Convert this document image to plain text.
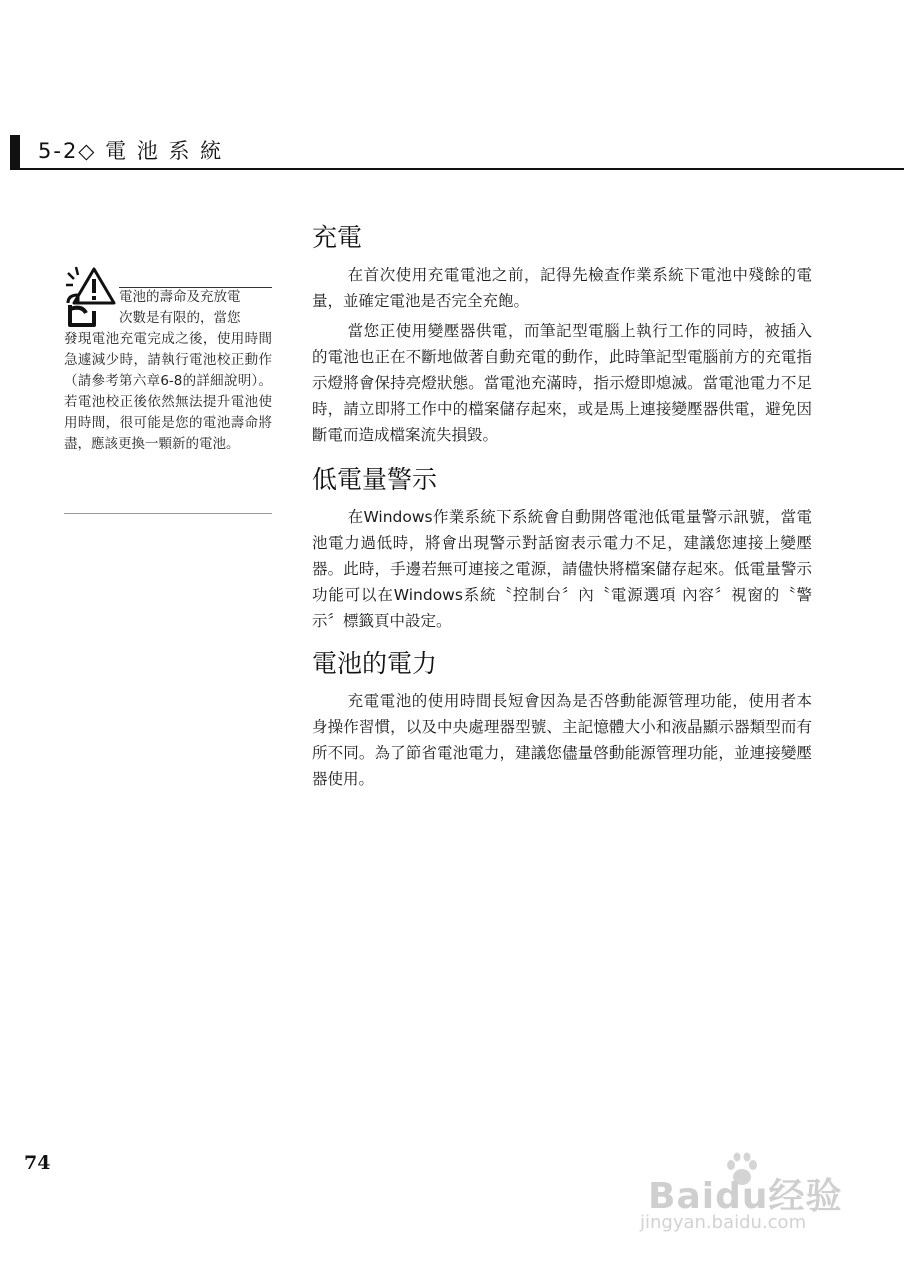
5-2◇ 電 池 系 統
電池的壽命及充放電
次數是有限的，當您
發現電池充電完成之後，使用時間急遽減少時，請執行電池校正動作（請參考第六章6-8的詳細說明）。若電池校正後依然無法提升電池使用時間，很可能是您的電池壽命將盡，應該更換一顆新的電池。
充電

在首次使用充電電池之前，記得先檢查作業系統下電池中殘餘的電量，並確定電池是否完全充飽。

當您正使用變壓器供電，而筆記型電腦上執行工作的同時，被插入的電池也正在不斷地做著自動充電的動作，此時筆記型電腦前方的充電指示燈將會保持亮燈狀態。當電池充滿時，指示燈即熄滅。當電池電力不足時，請立即將工作中的檔案儲存起來，或是馬上連接變壓器供電，避免因斷電而造成檔案流失損毀。

低電量警示

在Windows作業系統下系統會自動開啓電池低電量警示訊號，當電池電力過低時，將會出現警示對話窗表示電力不足，建議您連接上變壓器。此時，手邊若無可連接之電源，請儘快將檔案儲存起來。低電量警示功能可以在Windows系統〝控制台〞內〝電源選項 內容〞視窗的〝警示〞標籤頁中設定。

電池的電力

充電電池的使用時間長短會因為是否啓動能源管理功能，使用者本身操作習慣，以及中央處理器型號、主記憶體大小和液晶顯示器類型而有所不同。為了節省電池電力，建議您儘量啓動能源管理功能，並連接變壓器使用。

74
Baidu经验
jingyan.baidu.com
